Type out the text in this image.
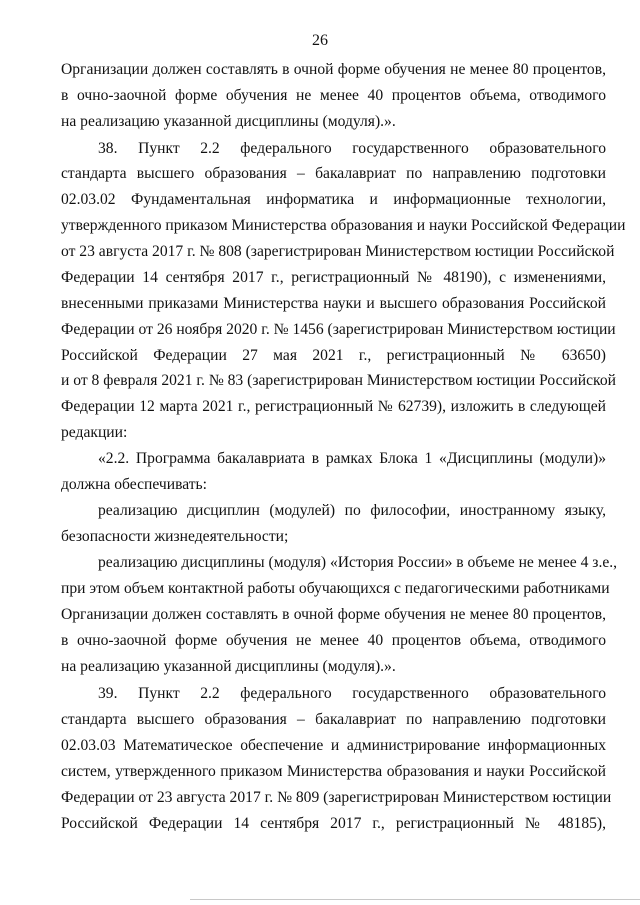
26
Организации должен составлять в очной форме обучения не менее 80 процентов,
в очно-заочной форме обучения не менее 40 процентов объема, отводимого
на реализацию указанной дисциплины (модуля).».
38. Пункт 2.2 федерального государственного образовательного
стандарта высшего образования – бакалавриат по направлению подготовки
02.03.02 Фундаментальная информатика и информационные технологии,
утвержденного приказом Министерства образования и науки Российской Федерации
от 23 августа 2017 г. № 808 (зарегистрирован Министерством юстиции Российской
Федерации 14 сентября 2017 г., регистрационный № 48190), с изменениями,
внесенными приказами Министерства науки и высшего образования Российской
Федерации от 26 ноября 2020 г. № 1456 (зарегистрирован Министерством юстиции
Российской Федерации 27 мая 2021 г., регистрационный № 63650)
и от 8 февраля 2021 г. № 83 (зарегистрирован Министерством юстиции Российской
Федерации 12 марта 2021 г., регистрационный № 62739), изложить в следующей
редакции:
«2.2. Программа бакалавриата в рамках Блока 1 «Дисциплины (модули)»
должна обеспечивать:
реализацию дисциплин (модулей) по философии, иностранному языку,
безопасности жизнедеятельности;
реализацию дисциплины (модуля) «История России» в объеме не менее 4 з.е.,
при этом объем контактной работы обучающихся с педагогическими работниками
Организации должен составлять в очной форме обучения не менее 80 процентов,
в очно-заочной форме обучения не менее 40 процентов объема, отводимого
на реализацию указанной дисциплины (модуля).».
39. Пункт 2.2 федерального государственного образовательного
стандарта высшего образования – бакалавриат по направлению подготовки
02.03.03 Математическое обеспечение и администрирование информационных
систем, утвержденного приказом Министерства образования и науки Российской
Федерации от 23 августа 2017 г. № 809 (зарегистрирован Министерством юстиции
Российской Федерации 14 сентября 2017 г., регистрационный № 48185),
